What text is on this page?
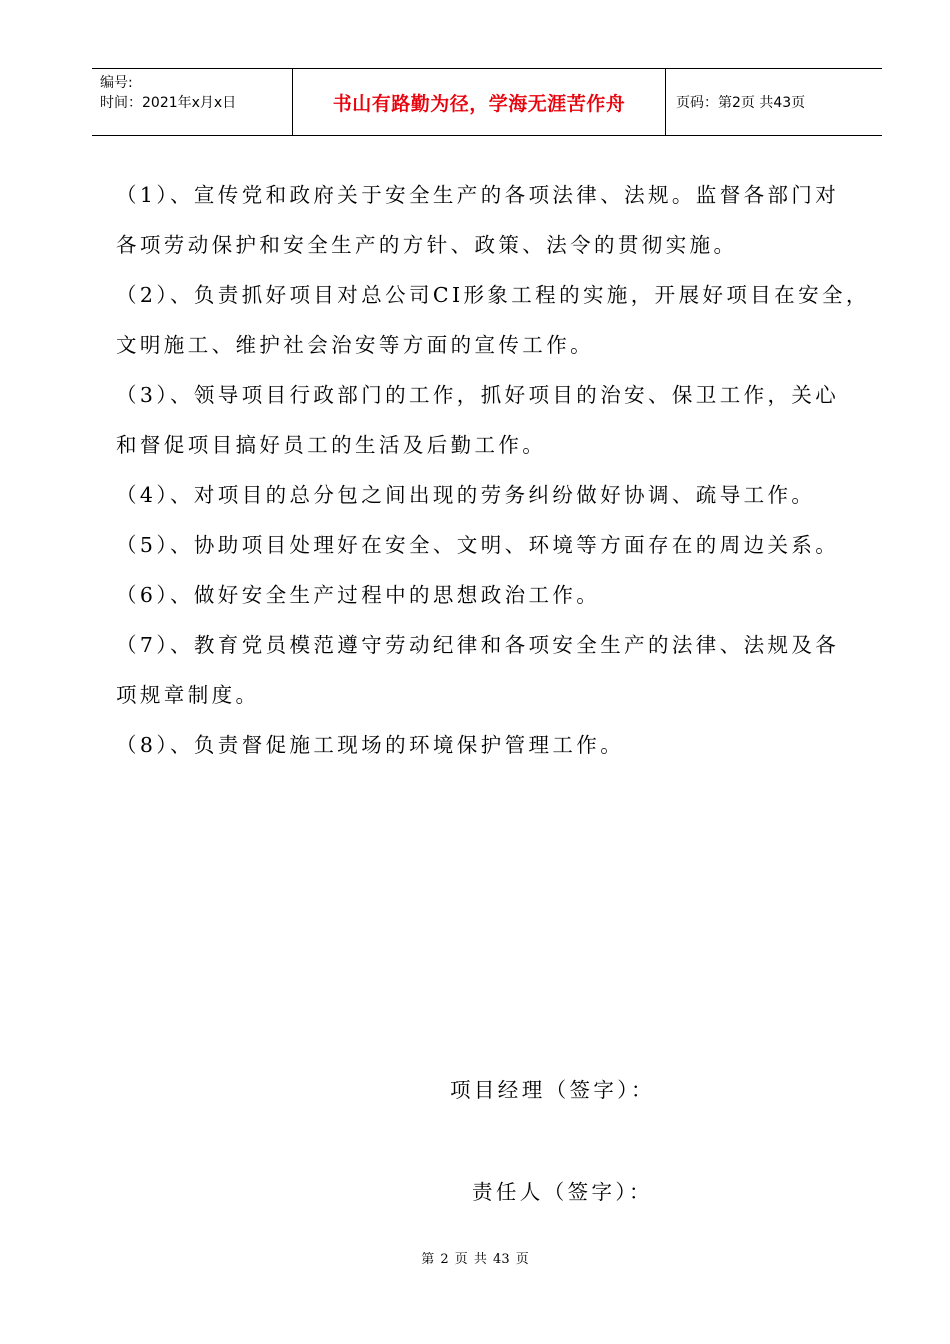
编号:
时间：2021年x月x日	书山有路勤为径，学海无涯苦作舟	页码：第2页 共43页
（1）、宣传党和政府关于安全生产的各项法律、法规。监督各部门对
各项劳动保护和安全生产的方针、政策、法令的贯彻实施。
（2）、负责抓好项目对总公司CI形象工程的实施，开展好项目在安全，
文明施工、维护社会治安等方面的宣传工作。
（3）、领导项目行政部门的工作，抓好项目的治安、保卫工作，关心
和督促项目搞好员工的生活及后勤工作。
（4）、对项目的总分包之间出现的劳务纠纷做好协调、疏导工作。
（5）、协助项目处理好在安全、文明、环境等方面存在的周边关系。
（6）、做好安全生产过程中的思想政治工作。
（7）、教育党员模范遵守劳动纪律和各项安全生产的法律、法规及各
项规章制度。
（8）、负责督促施工现场的环境保护管理工作。
项目经理（签字）：
责任人（签字）：
第 2 页 共 43 页
